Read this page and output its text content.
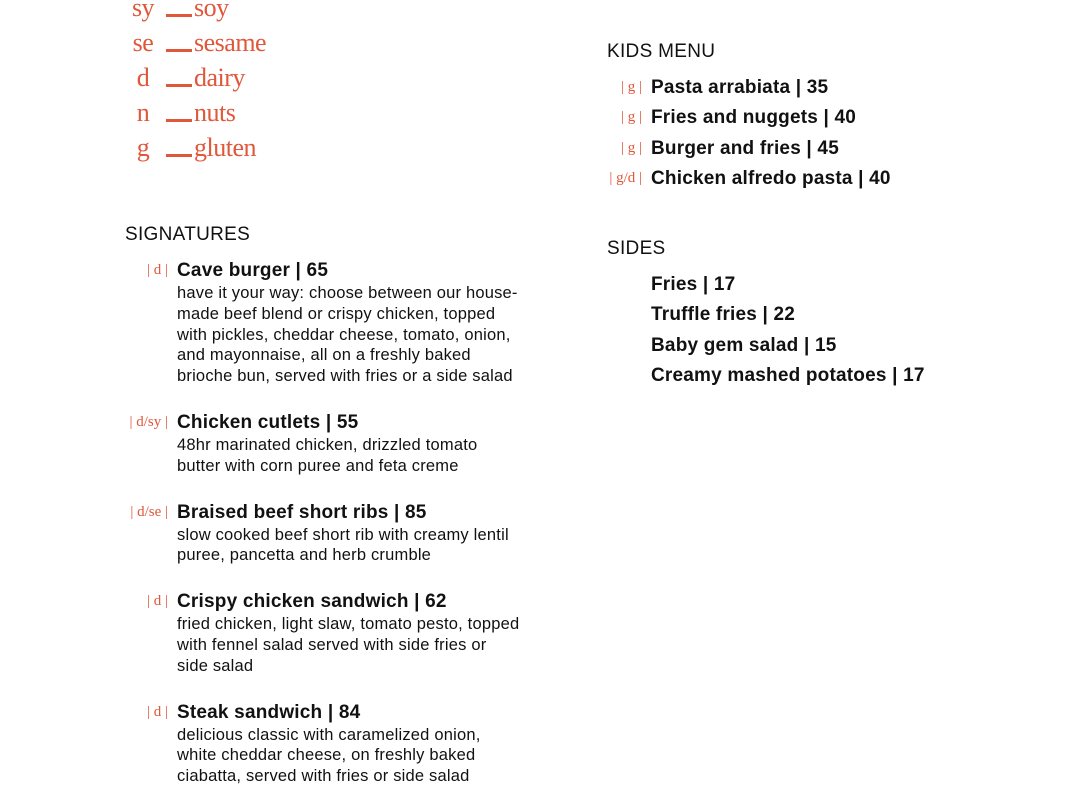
sy	soy
se	sesame
d	dairy
n	nuts
g	gluten
SIGNATURES
| d | Cave burger | 65
have it your way: choose between our house-made beef blend or crispy chicken, topped with pickles, cheddar cheese, tomato, onion, and mayonnaise, all on a freshly baked brioche bun, served with fries or a side salad
| d/sy | Chicken cutlets | 55
48hr marinated chicken, drizzled tomato butter with corn puree and feta creme
| d/se | Braised beef short ribs | 85
slow cooked beef short rib with creamy lentil puree, pancetta and herb crumble
| d | Crispy chicken sandwich | 62
fried chicken, light slaw, tomato pesto, topped with fennel salad served with side fries or side salad
| d | Steak sandwich | 84
delicious classic with caramelized onion, white cheddar cheese, on freshly baked ciabatta, served with fries or side salad
KIDS MENU
| g | Pasta arrabiata | 35
| g | Fries and nuggets | 40
| g | Burger and fries | 45
| g/d | Chicken alfredo pasta | 40
SIDES
Fries | 17
Truffle fries | 22
Baby gem salad | 15
Creamy mashed potatoes | 17
